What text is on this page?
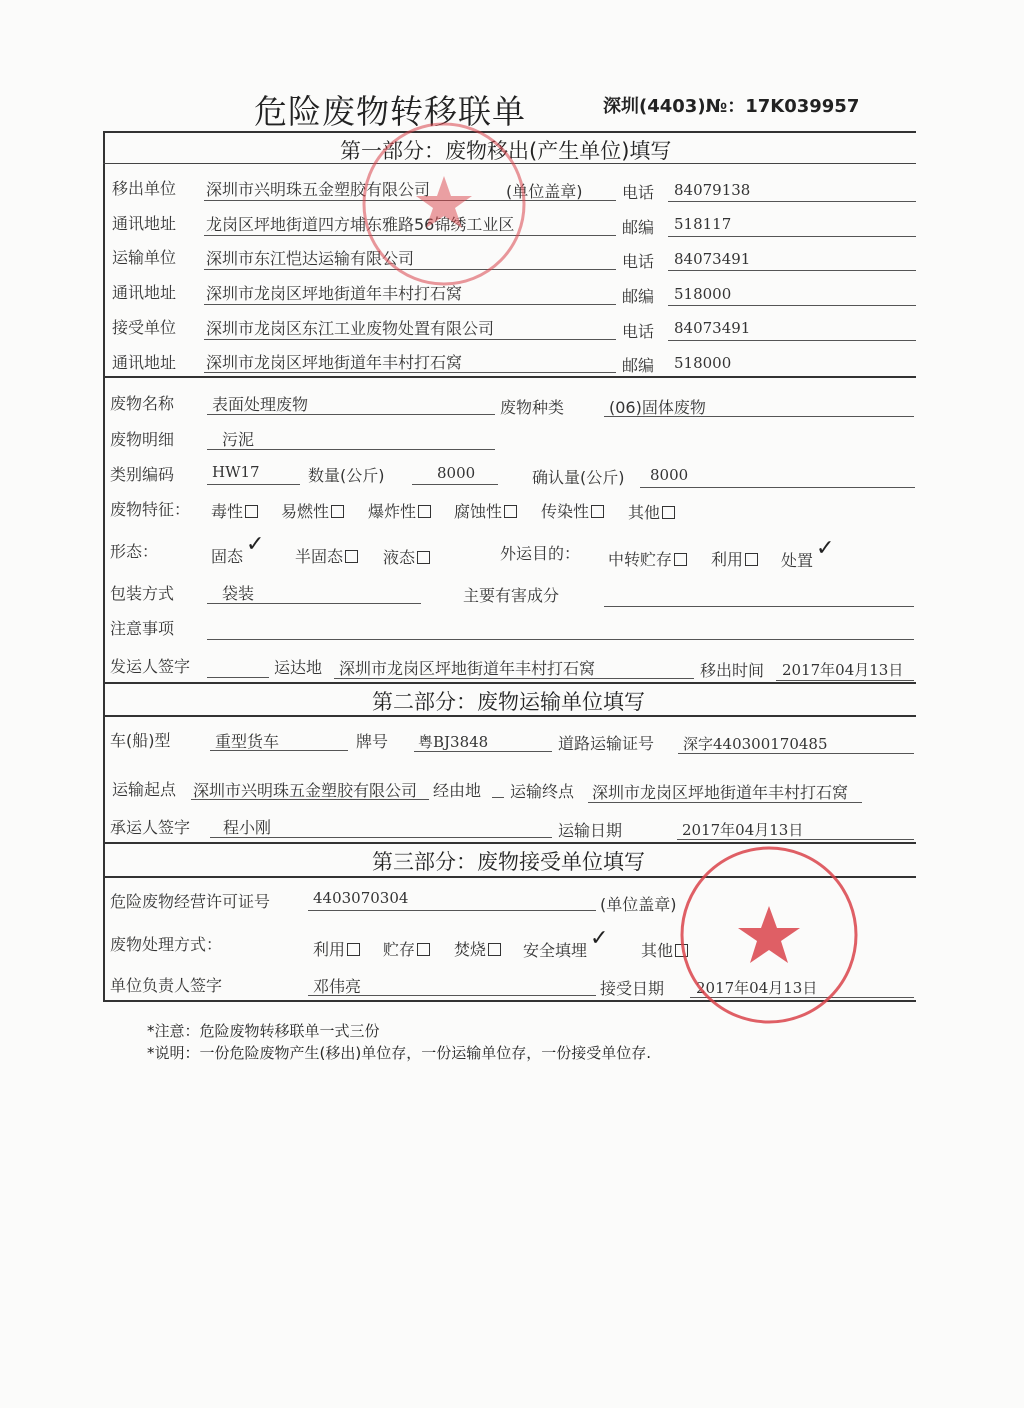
危险废物转移联单	深圳(4403)№：17K039957
第一部分：废物移出(产生单位)填写
移出单位 深圳市兴明珠五金塑胶有限公司	(单位盖章) 电话 84079138
通讯地址 龙岗区坪地街道四方埔东雅路56锦绣工业区	邮编 518117
运输单位 深圳市东江恺达运输有限公司	电话 84073491
通讯地址 深圳市龙岗区坪地街道年丰村打石窝	邮编 518000
接受单位 深圳市龙岗区东江工业废物处置有限公司	电话 84073491
通讯地址 深圳市龙岗区坪地街道年丰村打石窝	邮编 518000
废物名称 表面处理废物	废物种类	(06)固体废物
废物明细	污泥
类别编码	HW17	数量(公斤)	8000	确认量(公斤) 8000
废物特征： 毒性	易燃性	爆炸性	腐蚀性	传染性	其他
形态：	固态 ✓ 半固态	液态	外运目的： 中转贮存	利用	处置 ✓
包装方式	袋装	主要有害成分
注意事项
发运人签字	运达地 深圳市龙岗区坪地街道年丰村打石窝	移出时间 2017年04月13日
第二部分：废物运输单位填写
车(船)型	重型货车	牌号 粤BJ3848	道路运输证号 深字440300170485
运输起点 深圳市兴明珠五金塑胶有限公司 经由地 运输终点 深圳市龙岗区坪地街道年丰村打石窝
承运人签字 程小刚	运输日期	2017年04月13日
第三部分：废物接受单位填写
危险废物经营许可证号	4403070304	(单位盖章)
废物处理方式：	利用	贮存	焚烧	安全填埋 ✓ 其他
单位负责人签字	邓伟亮	接受日期 2017年04月13日
*注意：危险废物转移联单一式三份
*说明：一份危险废物产生(移出)单位存，一份运输单位存，一份接受单位存.
